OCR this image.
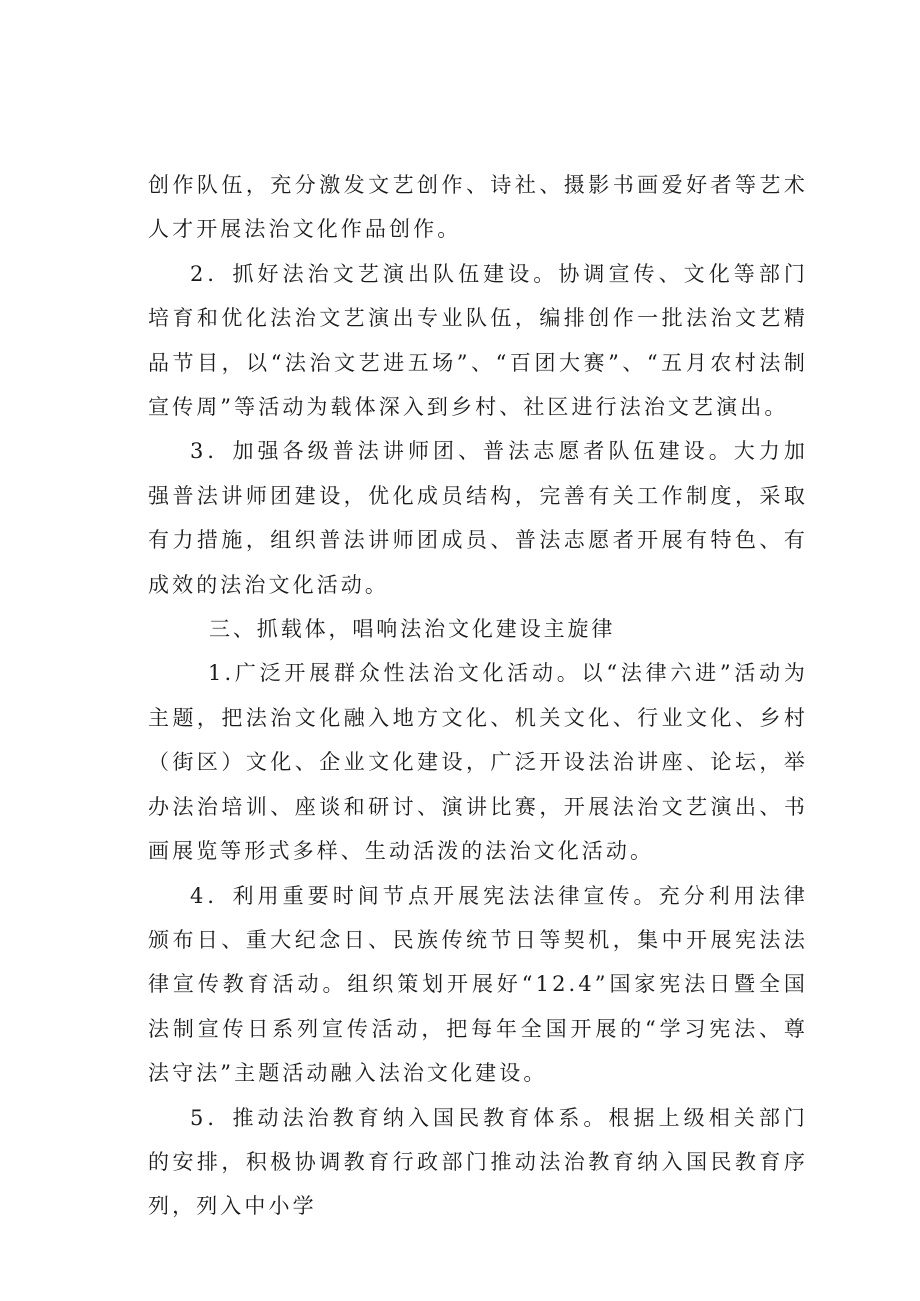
创作队伍，充分激发文艺创作、诗社、摄影书画爱好者等艺术人才开展法治文化作品创作。

2．抓好法治文艺演出队伍建设。协调宣传、文化等部门培育和优化法治文艺演出专业队伍，编排创作一批法治文艺精品节目，以“法治文艺进五场”、“百团大赛”、“五月农村法制宣传周”等活动为载体深入到乡村、社区进行法治文艺演出。

3．加强各级普法讲师团、普法志愿者队伍建设。大力加强普法讲师团建设，优化成员结构，完善有关工作制度，采取有力措施，组织普法讲师团成员、普法志愿者开展有特色、有成效的法治文化活动。

三、抓载体，唱响法治文化建设主旋律

1.广泛开展群众性法治文化活动。以“法律六进”活动为主题，把法治文化融入地方文化、机关文化、行业文化、乡村（街区）文化、企业文化建设，广泛开设法治讲座、论坛，举办法治培训、座谈和研讨、演讲比赛，开展法治文艺演出、书画展览等形式多样、生动活泼的法治文化活动。

4．利用重要时间节点开展宪法法律宣传。充分利用法律颁布日、重大纪念日、民族传统节日等契机，集中开展宪法法律宣传教育活动。组织策划开展好“12.4”国家宪法日暨全国法制宣传日系列宣传活动，把每年全国开展的“学习宪法、尊法守法”主题活动融入法治文化建设。

5．推动法治教育纳入国民教育体系。根据上级相关部门的安排，积极协调教育行政部门推动法治教育纳入国民教育序列，列入中小学
